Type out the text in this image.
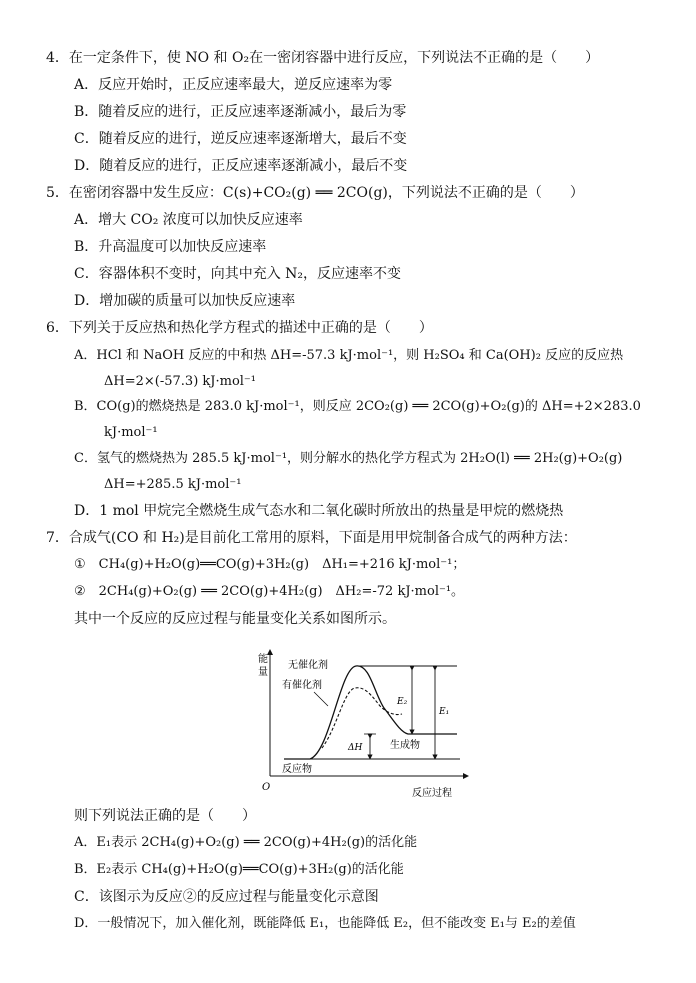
4．在一定条件下，使 NO 和 O₂在一密闭容器中进行反应，下列说法不正确的是（　　）
A．反应开始时，正反应速率最大，逆反应速率为零
B．随着反应的进行，正反应速率逐渐减小，最后为零
C．随着反应的进行，逆反应速率逐渐增大，最后不变
D．随着反应的进行，正反应速率逐渐减小，最后不变
5．在密闭容器中发生反应：C(s)+CO₂(g) ══ 2CO(g)，下列说法不正确的是（　　）
A．增大 CO₂ 浓度可以加快反应速率
B．升高温度可以加快反应速率
C．容器体积不变时，向其中充入 N₂，反应速率不变
D．增加碳的质量可以加快反应速率
6．下列关于反应热和热化学方程式的描述中正确的是（　　）
A．HCl 和 NaOH 反应的中和热 ΔH=-57.3 kJ·mol⁻¹，则 H₂SO₄ 和 Ca(OH)₂ 反应的反应热
ΔH=2×(-57.3) kJ·mol⁻¹
B．CO(g)的燃烧热是 283.0 kJ·mol⁻¹，则反应 2CO₂(g) ══ 2CO(g)+O₂(g)的 ΔH=+2×283.0
kJ·mol⁻¹
C．氢气的燃烧热为 285.5 kJ·mol⁻¹，则分解水的热化学方程式为 2H₂O(l) ══ 2H₂(g)+O₂(g)
ΔH=+285.5 kJ·mol⁻¹
D．1 mol 甲烷完全燃烧生成气态水和二氧化碳时所放出的热量是甲烷的燃烧热
7．合成气(CO 和 H₂)是目前化工常用的原料，下面是用甲烷制备合成气的两种方法：
①　CH₄(g)+H₂O(g)══CO(g)+3H₂(g)　ΔH₁=+216 kJ·mol⁻¹；
②　2CH₄(g)+O₂(g) ══ 2CO(g)+4H₂(g)　ΔH₂=-72 kJ·mol⁻¹。
其中一个反应的反应过程与能量变化关系如图所示。
能
量
O
反应过程
E₂
E₁
ΔH
无催化剂
有催化剂
生成物
反应物
则下列说法正确的是（　　）
A．E₁表示 2CH₄(g)+O₂(g) ══ 2CO(g)+4H₂(g)的活化能
B．E₂表示 CH₄(g)+H₂O(g)══CO(g)+3H₂(g)的活化能
C．该图示为反应②的反应过程与能量变化示意图
D．一般情况下，加入催化剂，既能降低 E₁，也能降低 E₂，但不能改变 E₁与 E₂的差值
